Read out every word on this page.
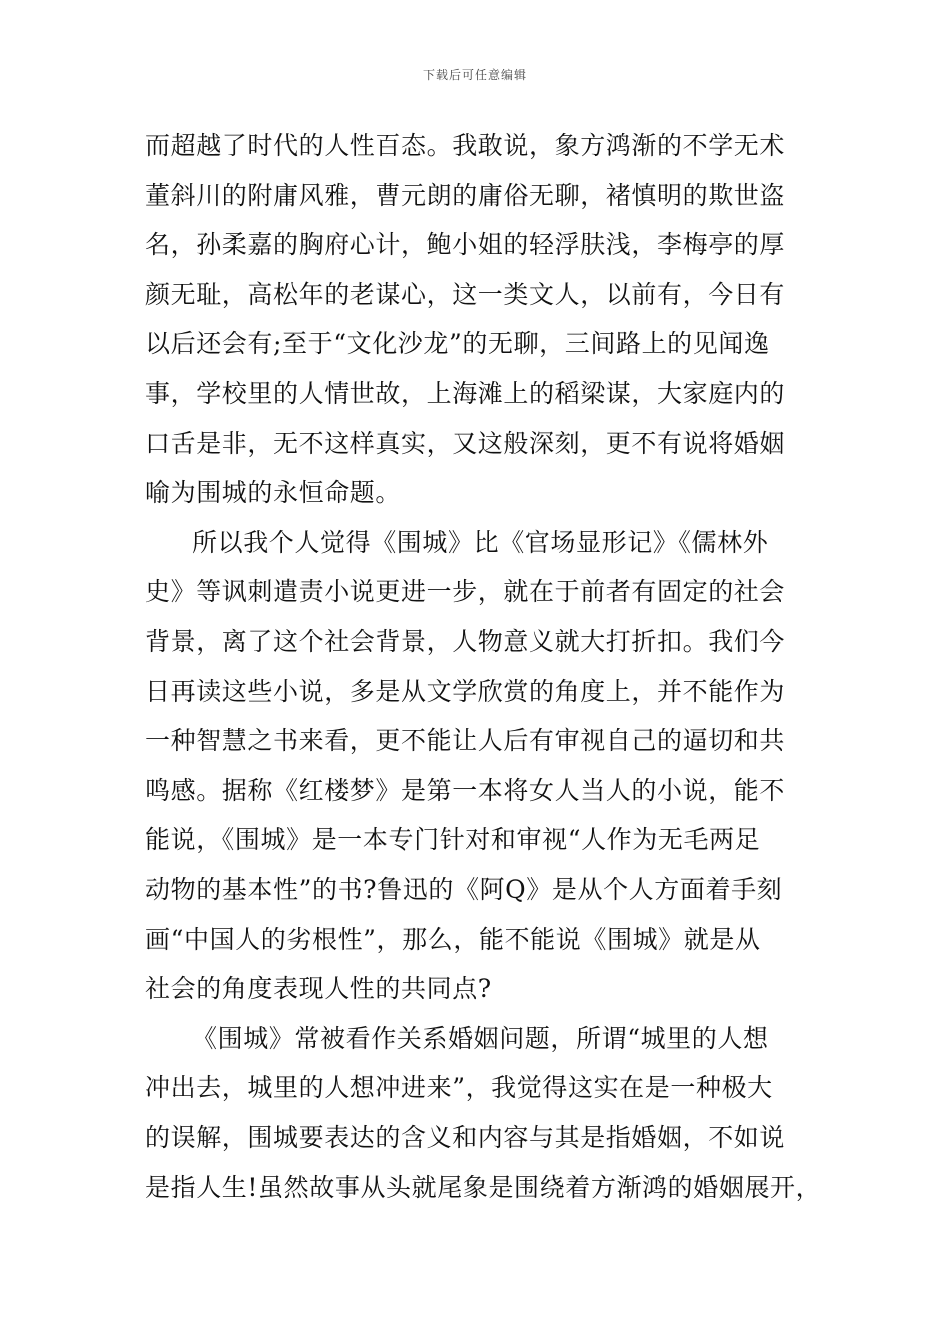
下载后可任意编辑
而超越了时代的人性百态。我敢说，象方鸿渐的不学无术
董斜川的附庸风雅，曹元朗的庸俗无聊，褚慎明的欺世盗
名，孙柔嘉的胸府心计，鲍小姐的轻浮肤浅，李梅亭的厚
颜无耻，高松年的老谋心，这一类文人，以前有，今日有
以后还会有;至于“文化沙龙”的无聊，三间路上的见闻逸
事，学校里的人情世故，上海滩上的稻梁谋，大家庭内的
口舌是非，无不这样真实，又这般深刻，更不有说将婚姻
喻为围城的永恒命题。
所以我个人觉得《围城》比《官场显形记》《儒林外
史》等讽刺遣责小说更进一步，就在于前者有固定的社会
背景，离了这个社会背景，人物意义就大打折扣。我们今
日再读这些小说，多是从文学欣赏的角度上，并不能作为
一种智慧之书来看，更不能让人后有审视自己的逼切和共
鸣感。据称《红楼梦》是第一本将女人当人的小说，能不
能说，《围城》是一本专门针对和审视“人作为无毛两足
动物的基本性”的书?鲁迅的《阿Q》是从个人方面着手刻
画“中国人的劣根性”，那么，能不能说《围城》就是从
社会的角度表现人性的共同点?
《围城》常被看作关系婚姻问题，所谓“城里的人想
冲出去，城里的人想冲进来”，我觉得这实在是一种极大
的误解，围城要表达的含义和内容与其是指婚姻，不如说
是指人生!虽然故事从头就尾象是围绕着方渐鸿的婚姻展开，
